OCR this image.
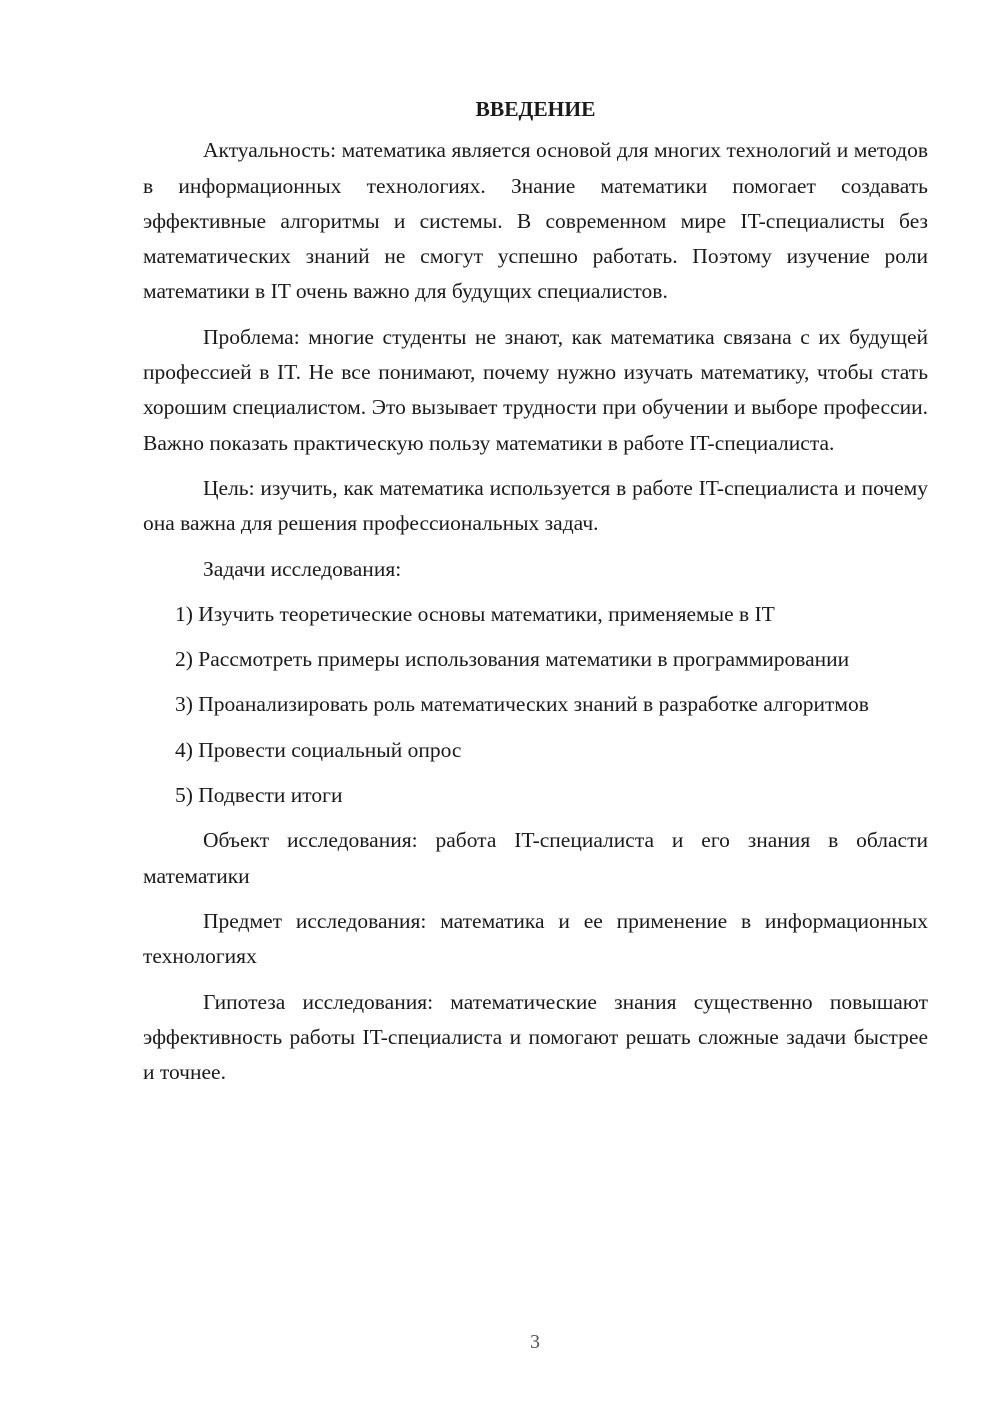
ВВЕДЕНИЕ

Актуальность: математика является основой для многих технологий и методов в информационных технологиях. Знание математики помогает создавать эффективные алгоритмы и системы. В современном мире IT-специалисты без математических знаний не смогут успешно работать. Поэтому изучение роли математики в IT очень важно для будущих специалистов.

Проблема: многие студенты не знают, как математика связана с их будущей профессией в IT. Не все понимают, почему нужно изучать математику, чтобы стать хорошим специалистом. Это вызывает трудности при обучении и выборе профессии. Важно показать практическую пользу математики в работе IT-специалиста.

Цель: изучить, как математика используется в работе IT-специалиста и почему она важна для решения профессиональных задач.

Задачи исследования:

1) Изучить теоретические основы математики, применяемые в IT

2) Рассмотреть примеры использования математики в программировании

3) Проанализировать роль математических знаний в разработке алгоритмов

4) Провести социальный опрос

5) Подвести итоги

Объект исследования: работа IT-специалиста и его знания в области математики

Предмет исследования: математика и ее применение в информационных технологиях

Гипотеза исследования: математические знания существенно повышают эффективность работы IT-специалиста и помогают решать сложные задачи быстрее и точнее.

3
